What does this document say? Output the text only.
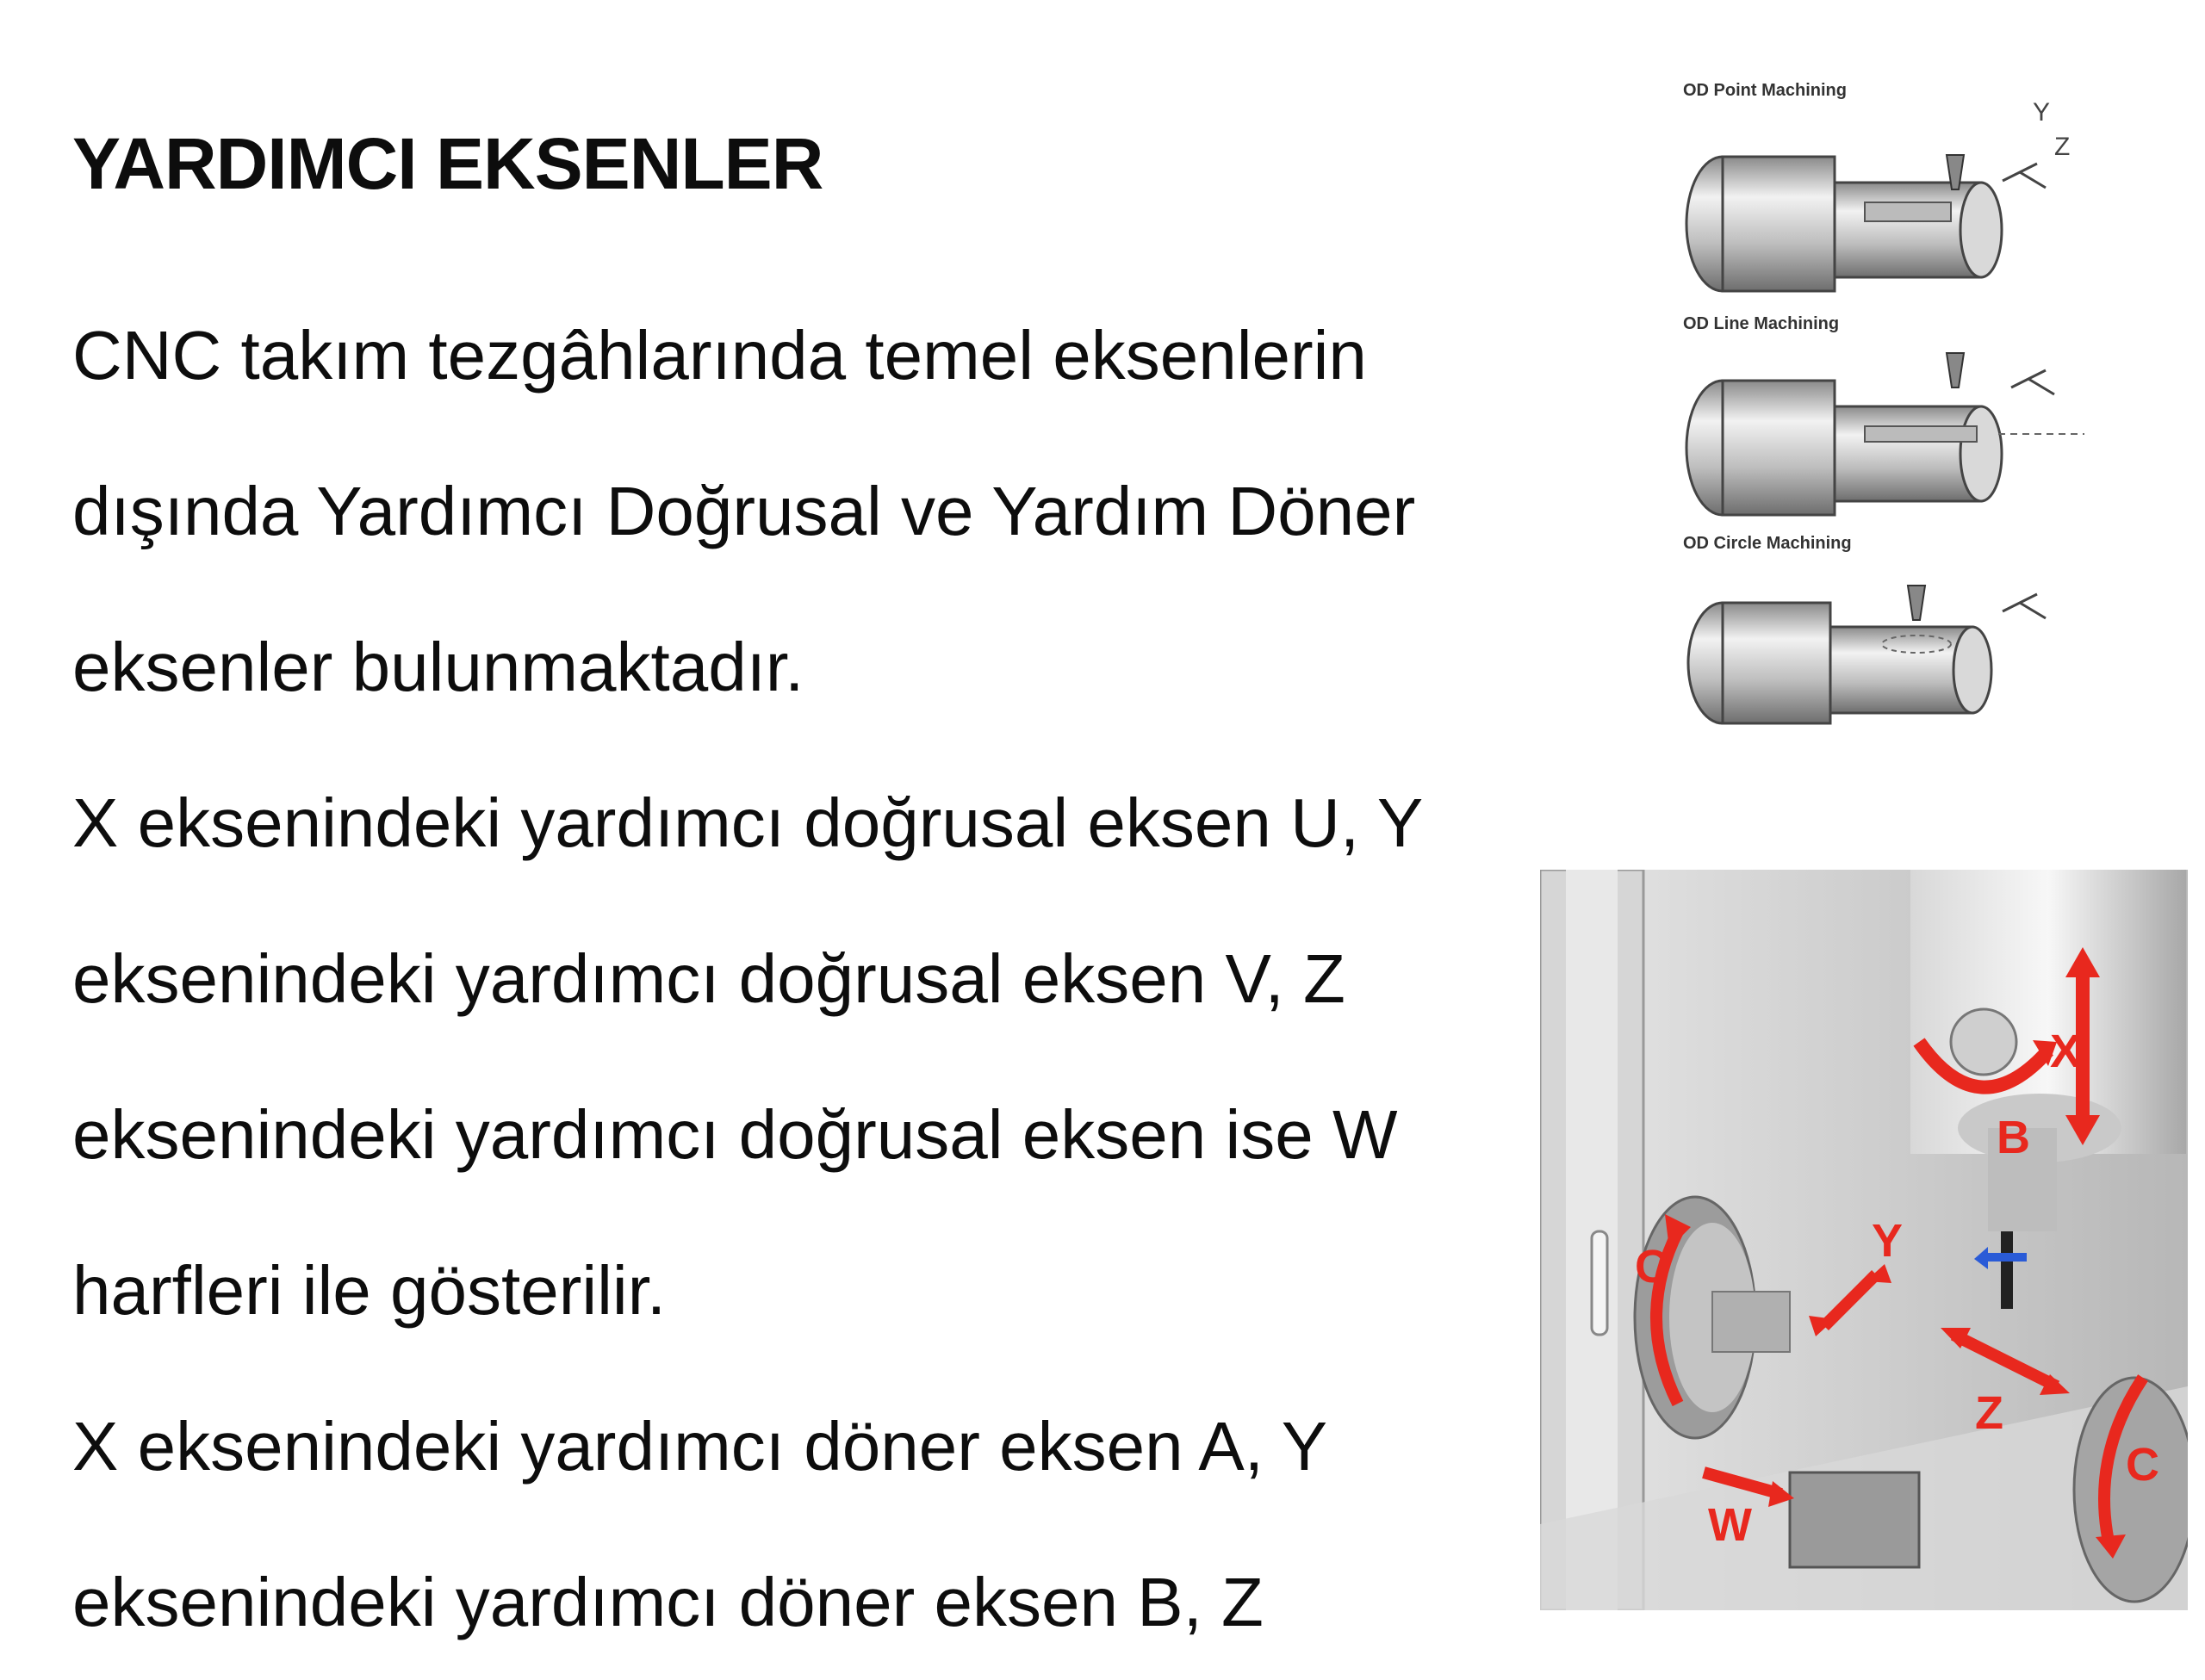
YARDIMCI EKSENLER
CNC takım tezgâhlarında temel eksenlerin
dışında Yardımcı Doğrusal ve Yardım Döner
eksenler bulunmaktadır.
X eksenindeki yardımcı doğrusal eksen U, Y
eksenindeki yardımcı doğrusal eksen V, Z
eksenindeki yardımcı doğrusal eksen ise W
harfleri ile gösterilir.
X eksenindeki yardımcı döner eksen A, Y
eksenindeki yardımcı döner eksen B, Z
OD Point Machining
OD Line Machining
OD Circle Machining
Y
Z
X
B
Y
C
Z
C
W
